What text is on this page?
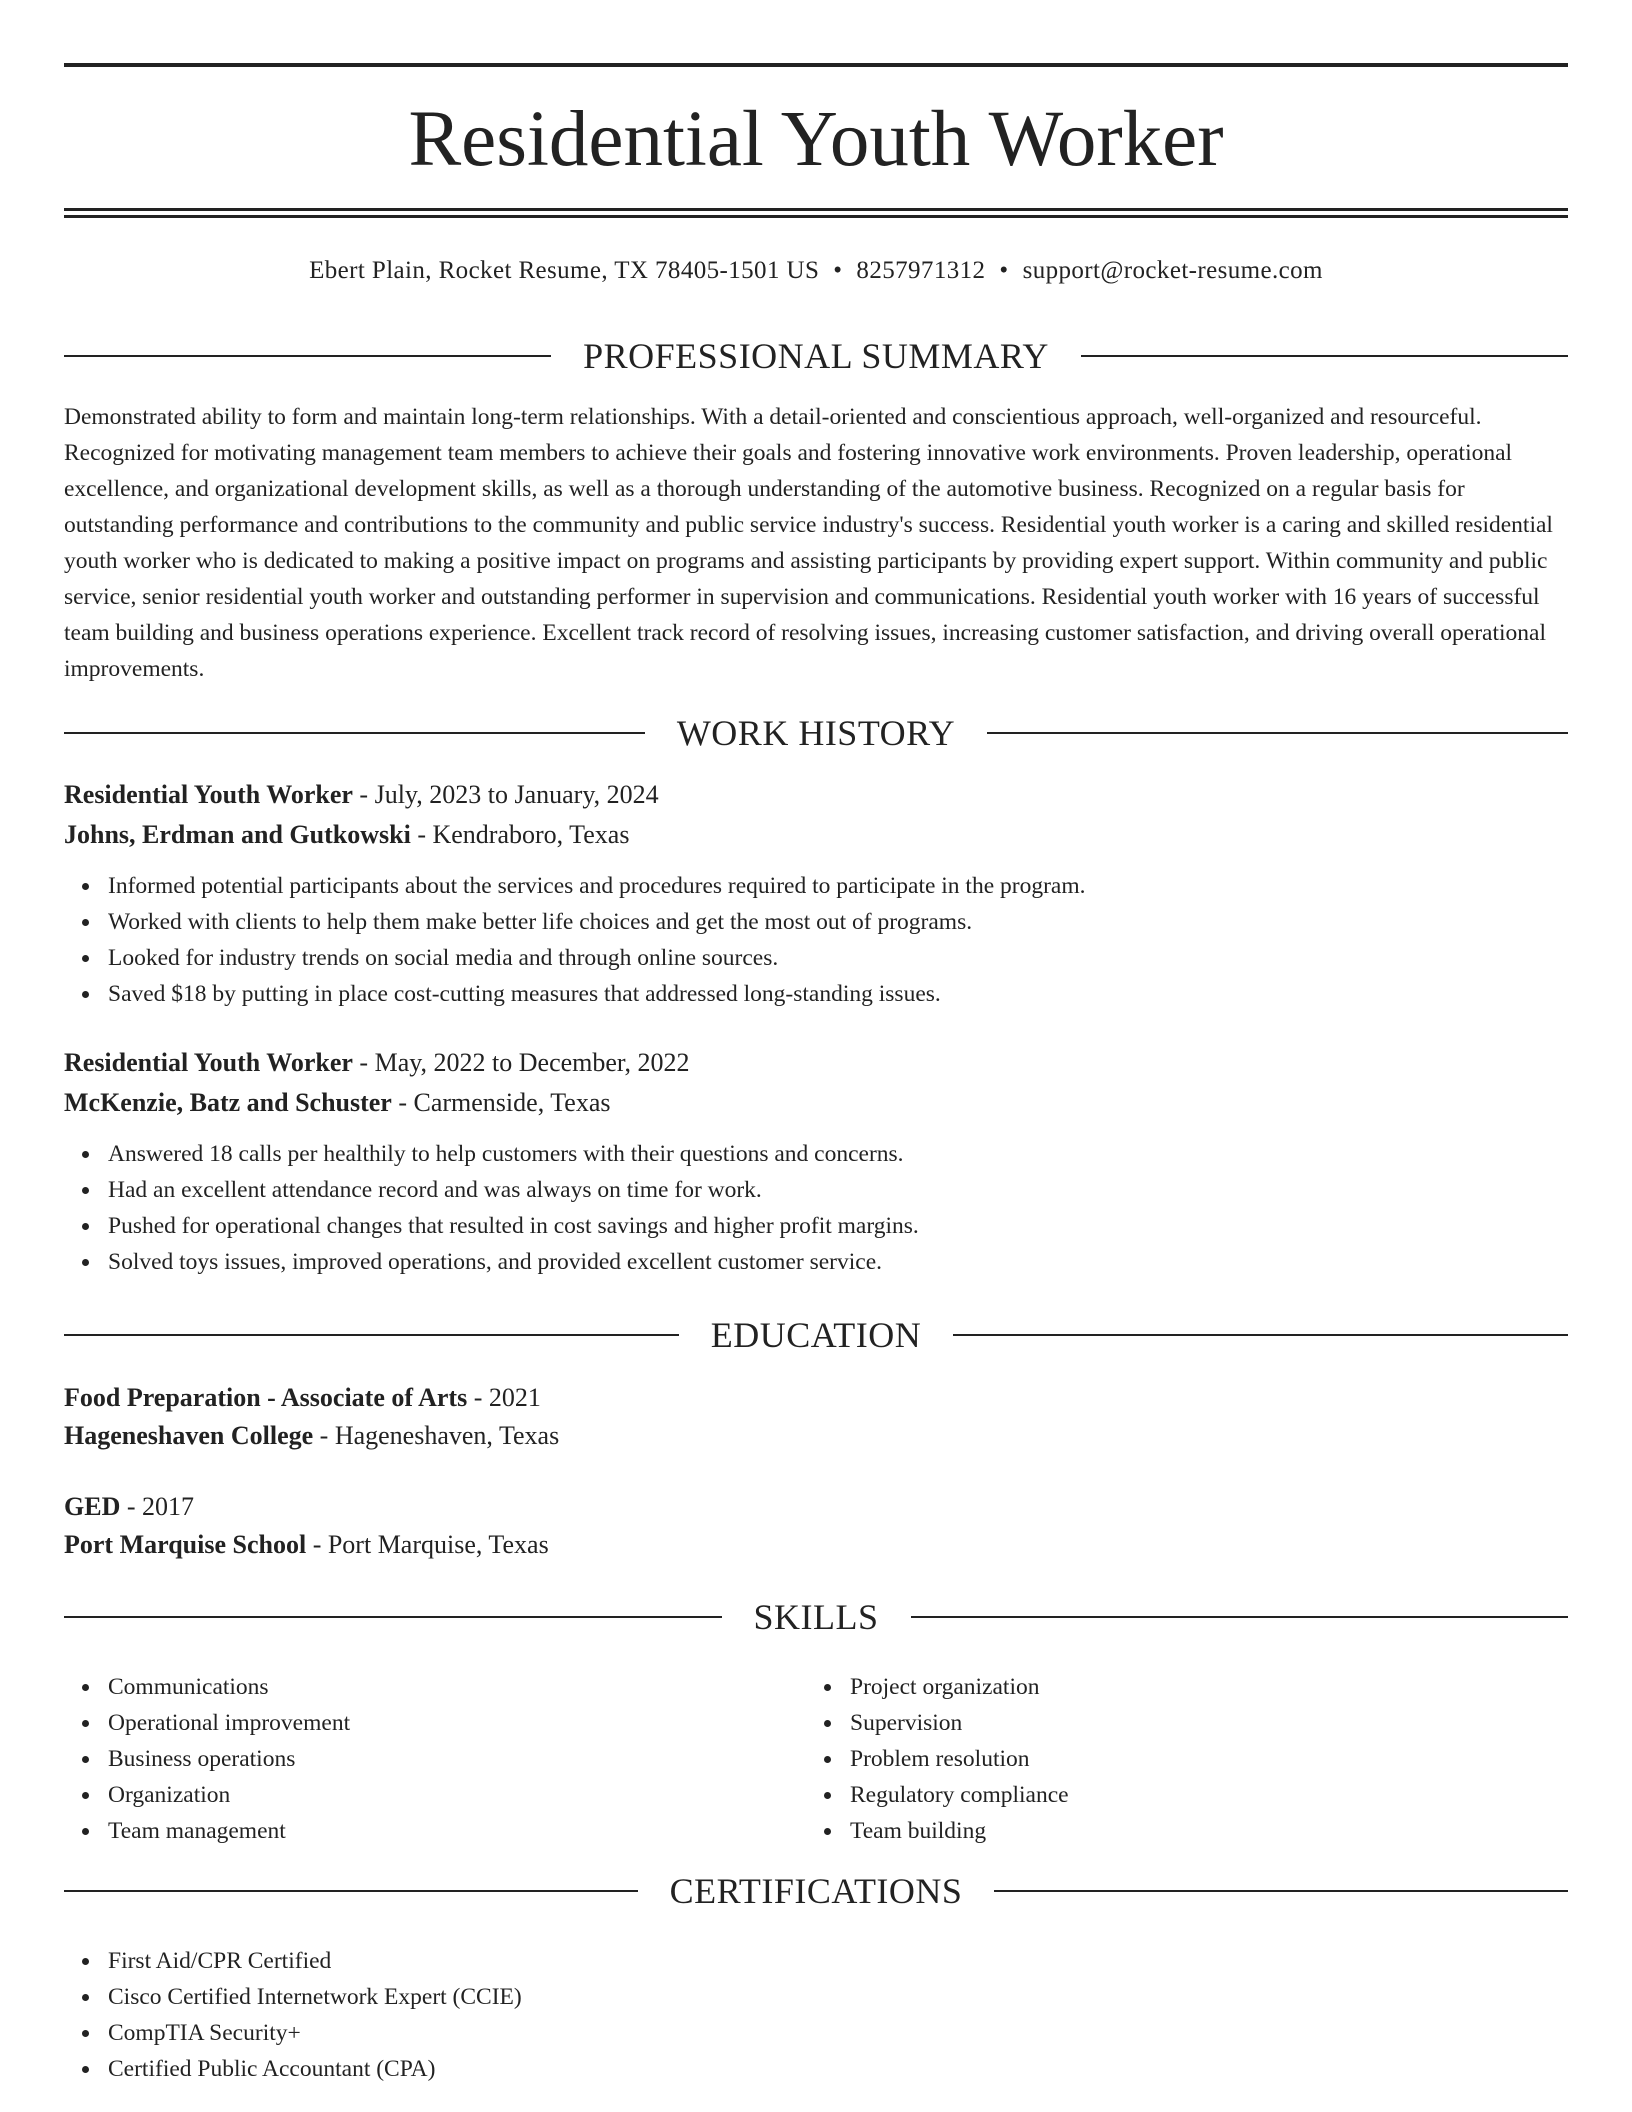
Residential Youth Worker
Ebert Plain, Rocket Resume, TX 78405-1501 US • 8257971312 • support@rocket-resume.com
PROFESSIONAL SUMMARY

Demonstrated ability to form and maintain long-term relationships. With a detail-oriented and conscientious approach, well-organized and resourceful. Recognized for motivating management team members to achieve their goals and fostering innovative work environments. Proven leadership, operational excellence, and organizational development skills, as well as a thorough understanding of the automotive business. Recognized on a regular basis for outstanding performance and contributions to the community and public service industry's success. Residential youth worker is a caring and skilled residential youth worker who is dedicated to making a positive impact on programs and assisting participants by providing expert support. Within community and public service, senior residential youth worker and outstanding performer in supervision and communications. Residential youth worker with 16 years of successful team building and business operations experience. Excellent track record of resolving issues, increasing customer satisfaction, and driving overall operational improvements.

WORK HISTORY
Residential Youth Worker - July, 2023 to January, 2024
Johns, Erdman and Gutkowski - Kendraboro, Texas
Informed potential participants about the services and procedures required to participate in the program.
Worked with clients to help them make better life choices and get the most out of programs.
Looked for industry trends on social media and through online sources.
Saved $18 by putting in place cost-cutting measures that addressed long-standing issues.
Residential Youth Worker - May, 2022 to December, 2022
McKenzie, Batz and Schuster - Carmenside, Texas
Answered 18 calls per healthily to help customers with their questions and concerns.
Had an excellent attendance record and was always on time for work.
Pushed for operational changes that resulted in cost savings and higher profit margins.
Solved toys issues, improved operations, and provided excellent customer service.
EDUCATION
Food Preparation - Associate of Arts - 2021
Hageneshaven College - Hageneshaven, Texas
GED - 2017
Port Marquise School - Port Marquise, Texas
SKILLS
Communications
Operational improvement
Business operations
Organization
Team management
Project organization
Supervision
Problem resolution
Regulatory compliance
Team building
CERTIFICATIONS
First Aid/CPR Certified
Cisco Certified Internetwork Expert (CCIE)
CompTIA Security+
Certified Public Accountant (CPA)
